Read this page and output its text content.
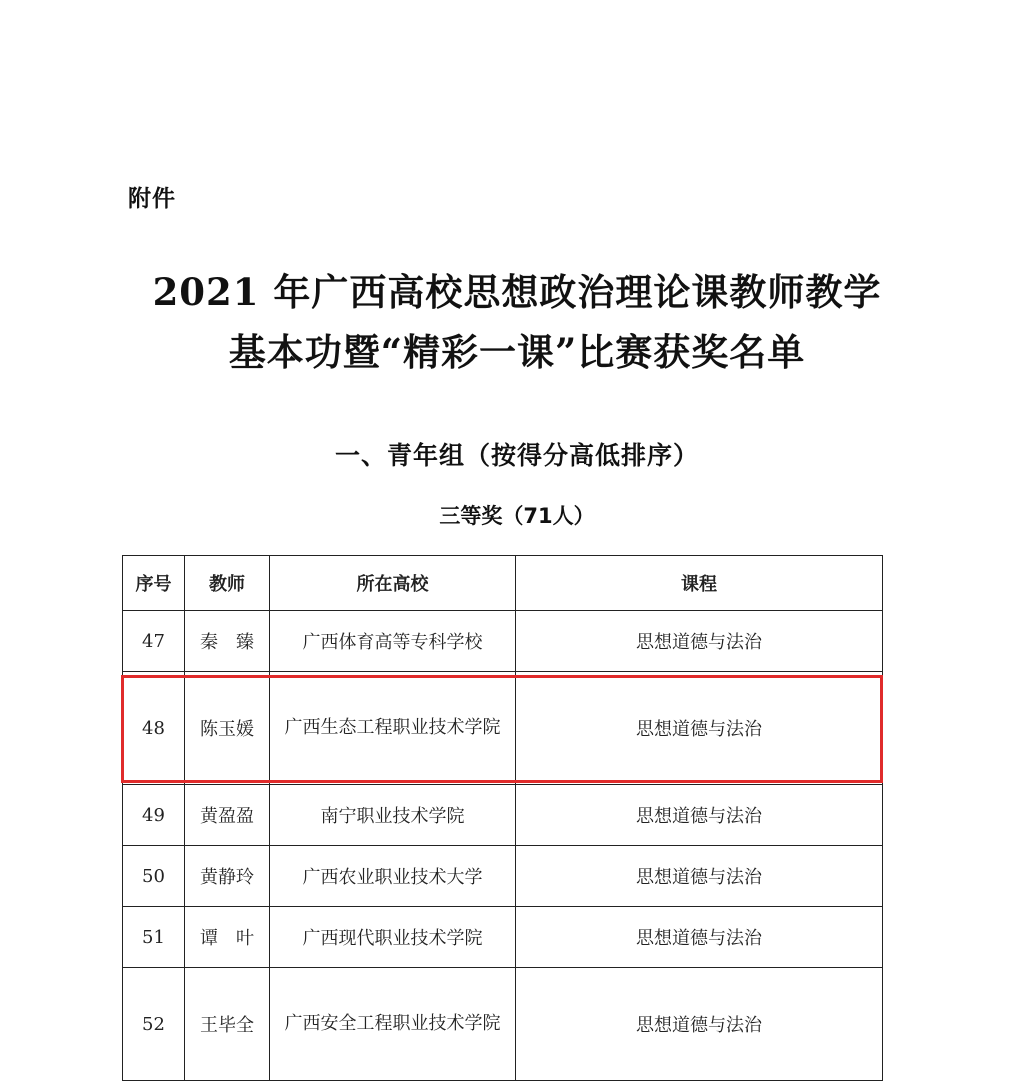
附件
2021 年广西高校思想政治理论课教师教学
基本功暨“精彩一课”比赛获奖名单
一、青年组（按得分高低排序）
三等奖（71人）
序号	教师	所在高校	课程
47	秦　臻	广西体育高等专科学校	思想道德与法治
48	陈玉媛	广西生态工程职业技术学院	思想道德与法治
49	黄盈盈	南宁职业技术学院	思想道德与法治
50	黄静玲	广西农业职业技术大学	思想道德与法治
51	谭　叶	广西现代职业技术学院	思想道德与法治
52	王毕全	广西安全工程职业技术学院	思想道德与法治
